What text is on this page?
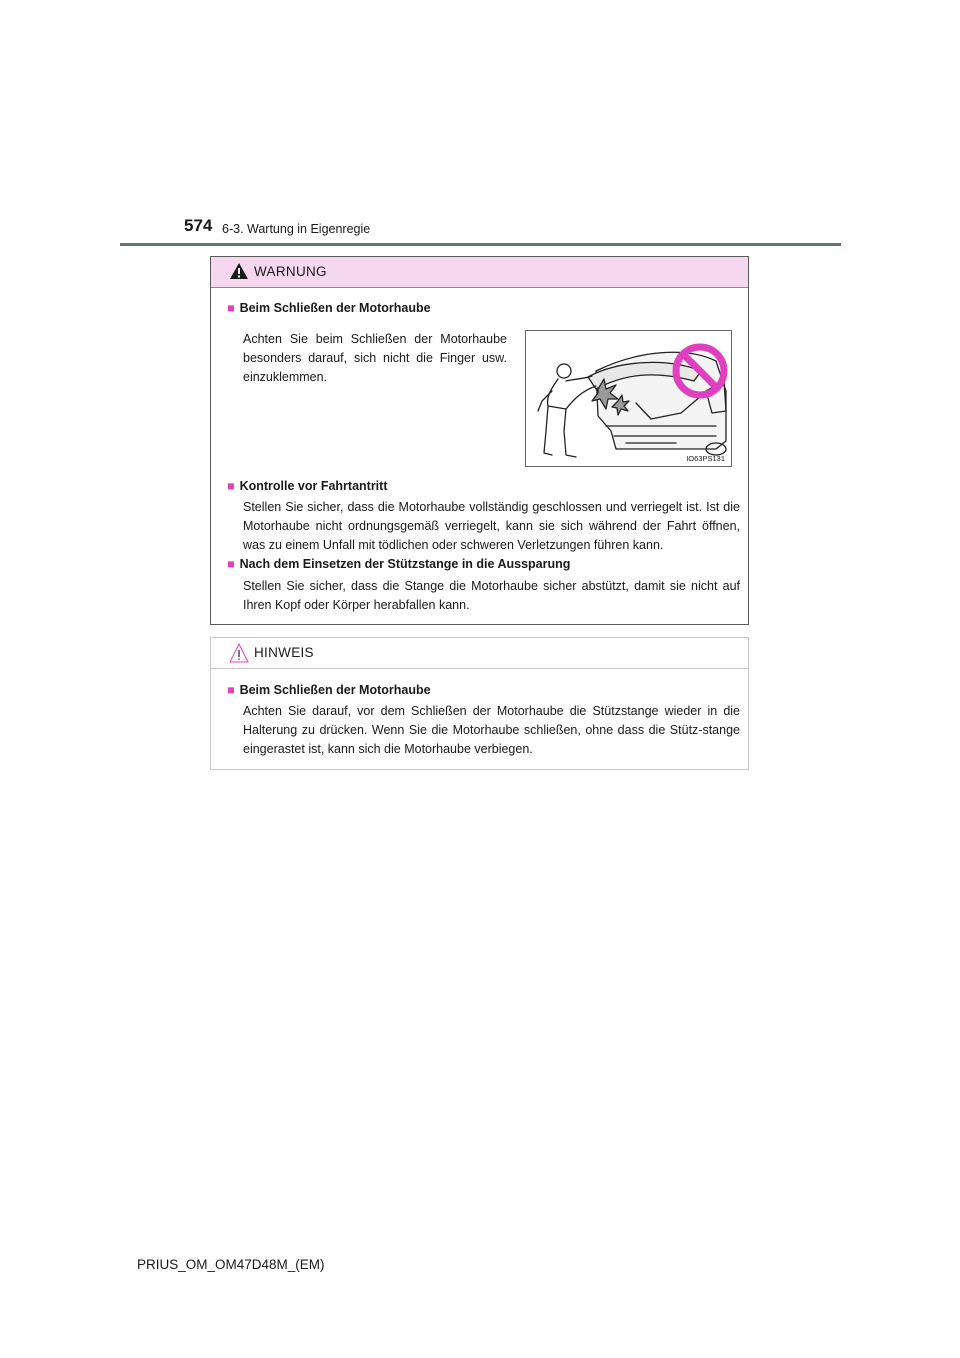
574 6-3. Wartung in Eigenregie
WARNUNG
■ Beim Schließen der Motorhaube
Achten Sie beim Schließen der Motorhaube besonders darauf, sich nicht die Finger usw. einzuklemmen.
IO63PS131
■ Kontrolle vor Fahrtantritt
Stellen Sie sicher, dass die Motorhaube vollständig geschlossen und verriegelt ist. Ist die Motorhaube nicht ordnungsgemäß verriegelt, kann sie sich während der Fahrt öffnen, was zu einem Unfall mit tödlichen oder schweren Verletzungen führen kann.
■ Nach dem Einsetzen der Stützstange in die Aussparung
Stellen Sie sicher, dass die Stange die Motorhaube sicher abstützt, damit sie nicht auf Ihren Kopf oder Körper herabfallen kann.
HINWEIS
■ Beim Schließen der Motorhaube
Achten Sie darauf, vor dem Schließen der Motorhaube die Stützstange wieder in die Halterung zu drücken. Wenn Sie die Motorhaube schließen, ohne dass die Stütz-stange eingerastet ist, kann sich die Motorhaube verbiegen.
PRIUS_OM_OM47D48M_(EM)
